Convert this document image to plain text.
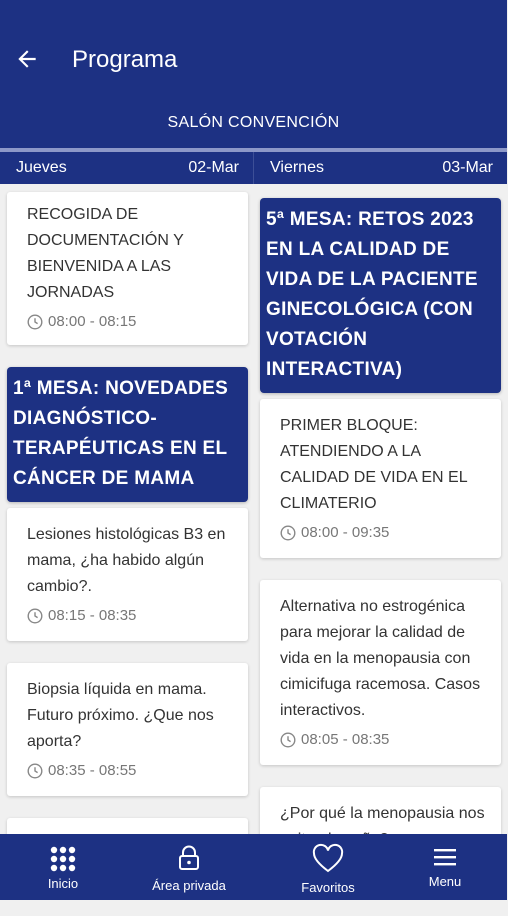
Programa
SALÓN CONVENCIÓN
Jueves	02-Mar Viernes	03-Mar
RECOGIDA DE DOCUMENTACIÓN Y BIENVENIDA A LAS JORNADAS
08:00 - 08:15
1ª MESA: NOVEDADES DIAGNÓSTICO-TERAPÉUTICAS EN EL CÁNCER DE MAMA
Lesiones histológicas B3 en mama, ¿ha habido algún cambio?.
08:15 - 08:35
Biopsia líquida en mama. Futuro próximo. ¿Que nos aporta?
08:35 - 08:55
5ª MESA: RETOS 2023 EN LA CALIDAD DE VIDA DE LA PACIENTE GINECOLÓGICA (CON VOTACIÓN INTERACTIVA)
PRIMER BLOQUE: ATENDIENDO A LA CALIDAD DE VIDA EN EL CLIMATERIO
08:00 - 09:35
Alternativa no estrogénica para mejorar la calidad de vida en la menopausia con cimicifuga racemosa. Casos interactivos.
08:05 - 08:35
¿Por qué la menopausia nos
Inicio	Área privada	Favoritos	Menu
